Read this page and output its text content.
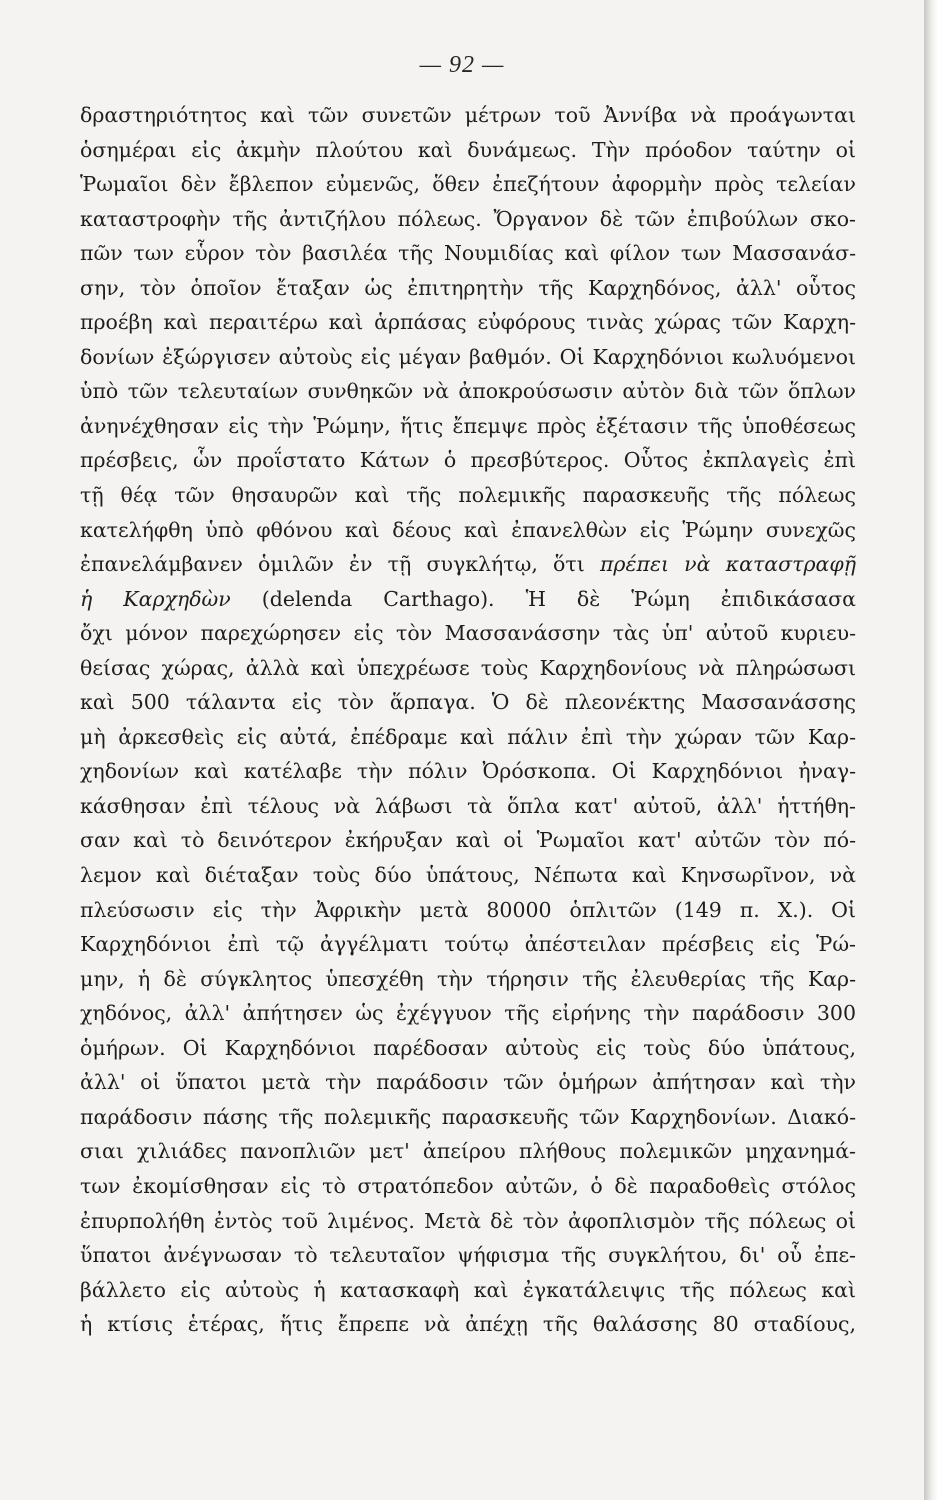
— 92 —
δραστηριότητος καὶ τῶν συνετῶν μέτρων τοῦ Ἀννίβα νὰ προάγωνται
ὁσημέραι εἰς ἀκμὴν πλούτου καὶ δυνάμεως. Τὴν πρόοδον ταύτην οἱ
Ῥωμαῖοι δὲν ἔβλεπον εὐμενῶς, ὅθεν ἐπεζήτουν ἀφορμὴν πρὸς τελείαν
καταστροφὴν τῆς ἀντιζήλου πόλεως. Ὄργανον δὲ τῶν ἐπιβούλων σκο-
πῶν των εὗρον τὸν βασιλέα τῆς Νουμιδίας καὶ φίλον των Μασσανάσ-
σην, τὸν ὁποῖον ἔταξαν ὡς ἐπιτηρητὴν τῆς Καρχηδόνος, ἀλλ' οὗτος
προέβη καὶ περαιτέρω καὶ ἁρπάσας εὐφόρους τινὰς χώρας τῶν Καρχη-
δονίων ἐξώργισεν αὐτοὺς εἰς μέγαν βαθμόν. Οἱ Καρχηδόνιοι κωλυόμενοι
ὑπὸ τῶν τελευταίων συνθηκῶν νὰ ἀποκρούσωσιν αὐτὸν διὰ τῶν ὅπλων
ἀνηνέχθησαν εἰς τὴν Ῥώμην, ἥτις ἔπεμψε πρὸς ἐξέτασιν τῆς ὑποθέσεως
πρέσβεις, ὧν προΐστατο Κάτων ὁ πρεσβύτερος. Οὗτος ἐκπλαγεὶς ἐπὶ
τῇ θέᾳ τῶν θησαυρῶν καὶ τῆς πολεμικῆς παρασκευῆς τῆς πόλεως
κατελήφθη ὑπὸ φθόνου καὶ δέους καὶ ἐπανελθὼν εἰς Ῥώμην συνεχῶς
ἐπανελάμβανεν ὁμιλῶν ἐν τῇ συγκλήτῳ, ὅτι πρέπει νὰ καταστραφῇ
ἡ Καρχηδὼν (delenda Carthago). Ἡ δὲ Ῥώμη ἐπιδικάσασα
ὄχι μόνον παρεχώρησεν εἰς τὸν Μασσανάσσην τὰς ὑπ' αὐτοῦ κυριευ-
θείσας χώρας, ἀλλὰ καὶ ὑπεχρέωσε τοὺς Καρχηδονίους νὰ πληρώσωσι
καὶ 500 τάλαντα εἰς τὸν ἅρπαγα. Ὁ δὲ πλεονέκτης Μασσανάσσης
μὴ ἀρκεσθεὶς εἰς αὐτά, ἐπέδραμε καὶ πάλιν ἐπὶ τὴν χώραν τῶν Καρ-
χηδονίων καὶ κατέλαβε τὴν πόλιν Ὀρόσκοπα. Οἱ Καρχηδόνιοι ἠναγ-
κάσθησαν ἐπὶ τέλους νὰ λάβωσι τὰ ὅπλα κατ' αὐτοῦ, ἀλλ' ἡττήθη-
σαν καὶ τὸ δεινότερον ἐκήρυξαν καὶ οἱ Ῥωμαῖοι κατ' αὐτῶν τὸν πό-
λεμον καὶ διέταξαν τοὺς δύο ὑπάτους, Νέπωτα καὶ Κηνσωρῖνον, νὰ
πλεύσωσιν εἰς τὴν Ἀφρικὴν μετὰ 80000 ὁπλιτῶν (149 π. Χ.). Οἱ
Καρχηδόνιοι ἐπὶ τῷ ἀγγέλματι τούτῳ ἀπέστειλαν πρέσβεις εἰς Ῥώ-
μην, ἡ δὲ σύγκλητος ὑπεσχέθη τὴν τήρησιν τῆς ἐλευθερίας τῆς Καρ-
χηδόνος, ἀλλ' ἀπήτησεν ὡς ἐχέγγυον τῆς εἰρήνης τὴν παράδοσιν 300
ὁμήρων. Οἱ Καρχηδόνιοι παρέδοσαν αὐτοὺς εἰς τοὺς δύο ὑπάτους,
ἀλλ' οἱ ὕπατοι μετὰ τὴν παράδοσιν τῶν ὁμήρων ἀπήτησαν καὶ τὴν
παράδοσιν πάσης τῆς πολεμικῆς παρασκευῆς τῶν Καρχηδονίων. Διακό-
σιαι χιλιάδες πανοπλιῶν μετ' ἀπείρου πλήθους πολεμικῶν μηχανημά-
των ἐκομίσθησαν εἰς τὸ στρατόπεδον αὐτῶν, ὁ δὲ παραδοθεὶς στόλος
ἐπυρπολήθη ἐντὸς τοῦ λιμένος. Μετὰ δὲ τὸν ἀφοπλισμὸν τῆς πόλεως οἱ
ὕπατοι ἀνέγνωσαν τὸ τελευταῖον ψήφισμα τῆς συγκλήτου, δι' οὗ ἐπε-
βάλλετο εἰς αὐτοὺς ἡ κατασκαφὴ καὶ ἐγκατάλειψις τῆς πόλεως καὶ
ἡ κτίσις ἑτέρας, ἥτις ἔπρεπε νὰ ἀπέχῃ τῆς θαλάσσης 80 σταδίους,
